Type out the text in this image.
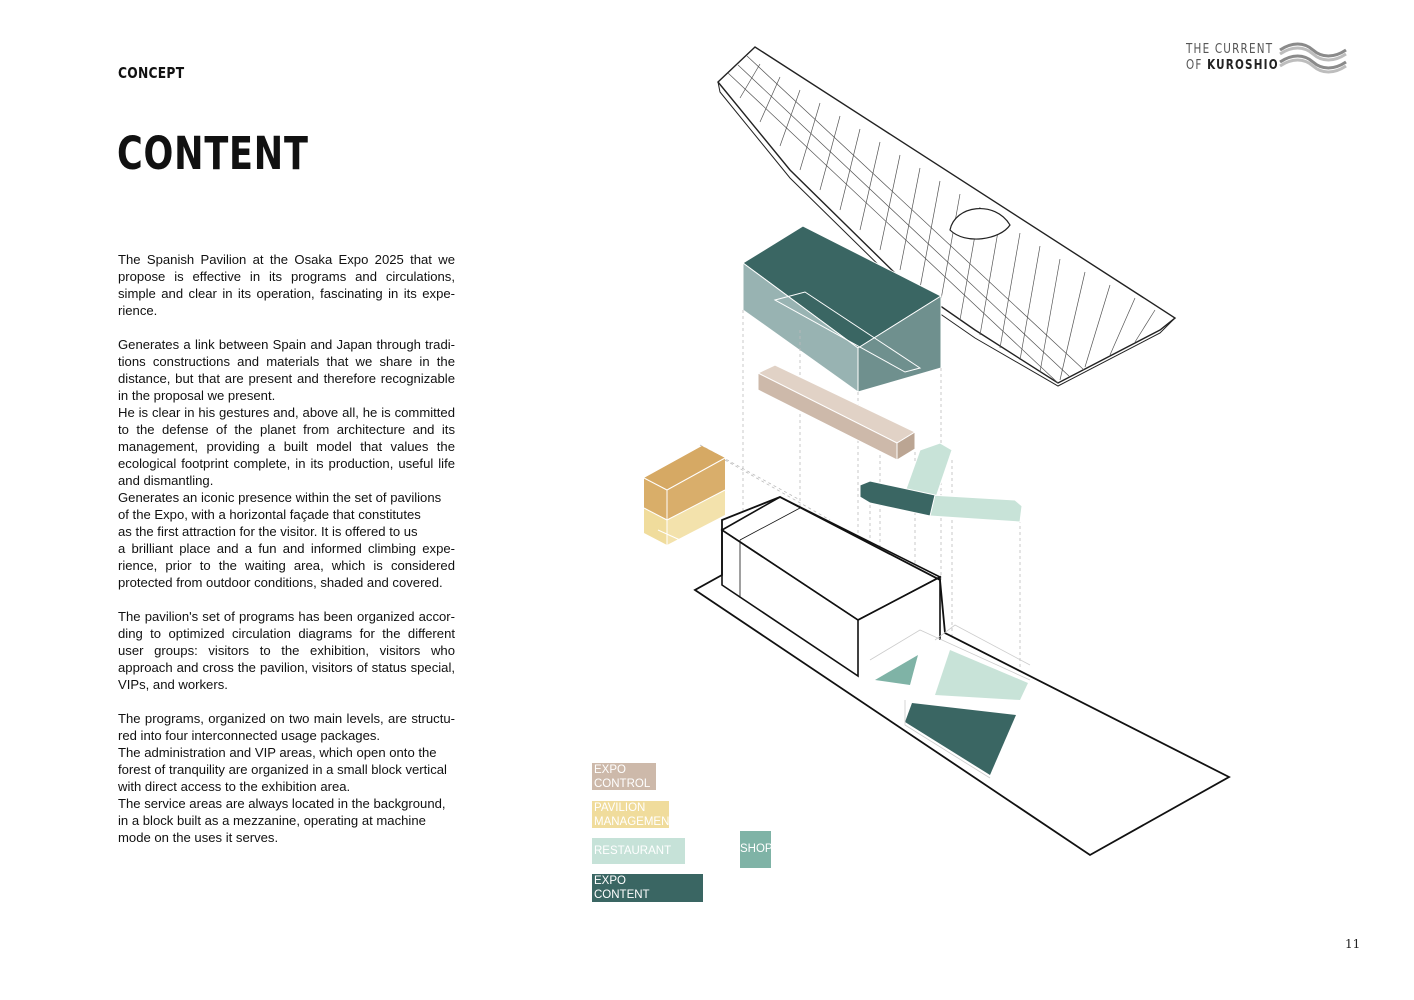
CONCEPT
CONTENT

The Spanish Pavilion at the Osaka Expo 2025 that we propose is effective in its programs and circulations, simple and clear in its operation, fascinating in its expe-rience.

Generates a link between Spain and Japan through tradi-tions constructions and materials that we share in the distance, but that are present and therefore recognizable in the proposal we present.

He is clear in his gestures and, above all, he is committed to the defense of the planet from architecture and its management, providing a built model that values the ecological footprint complete, in its production, useful life and dismantling.

Generates an iconic presence within the set of pavilions of the Expo, with a horizontal façade that constitutes

as the first attraction for the visitor. It is offered to us

a brilliant place and a fun and informed climbing expe-rience, prior to the waiting area, which is considered protected from outdoor conditions, shaded and covered.

The pavilion's set of programs has been organized accor-ding to optimized circulation diagrams for the different user groups: visitors to the exhibition, visitors who approach and cross the pavilion, visitors of status special, VIPs, and workers.

The programs, organized on two main levels, are structu-red into four interconnected usage packages.

The administration and VIP areas, which open onto the forest of tranquility are organized in a small block vertical with direct access to the exhibition area.

The service areas are always located in the background, in a block built as a mezzanine, operating at machine mode on the uses it serves.

THE CURRENT
OF KUROSHIO
EXPO
CONTROL
PAVILION
MANAGEMENT
RESTAURANT	SHOP
EXPO
CONTENT
11
